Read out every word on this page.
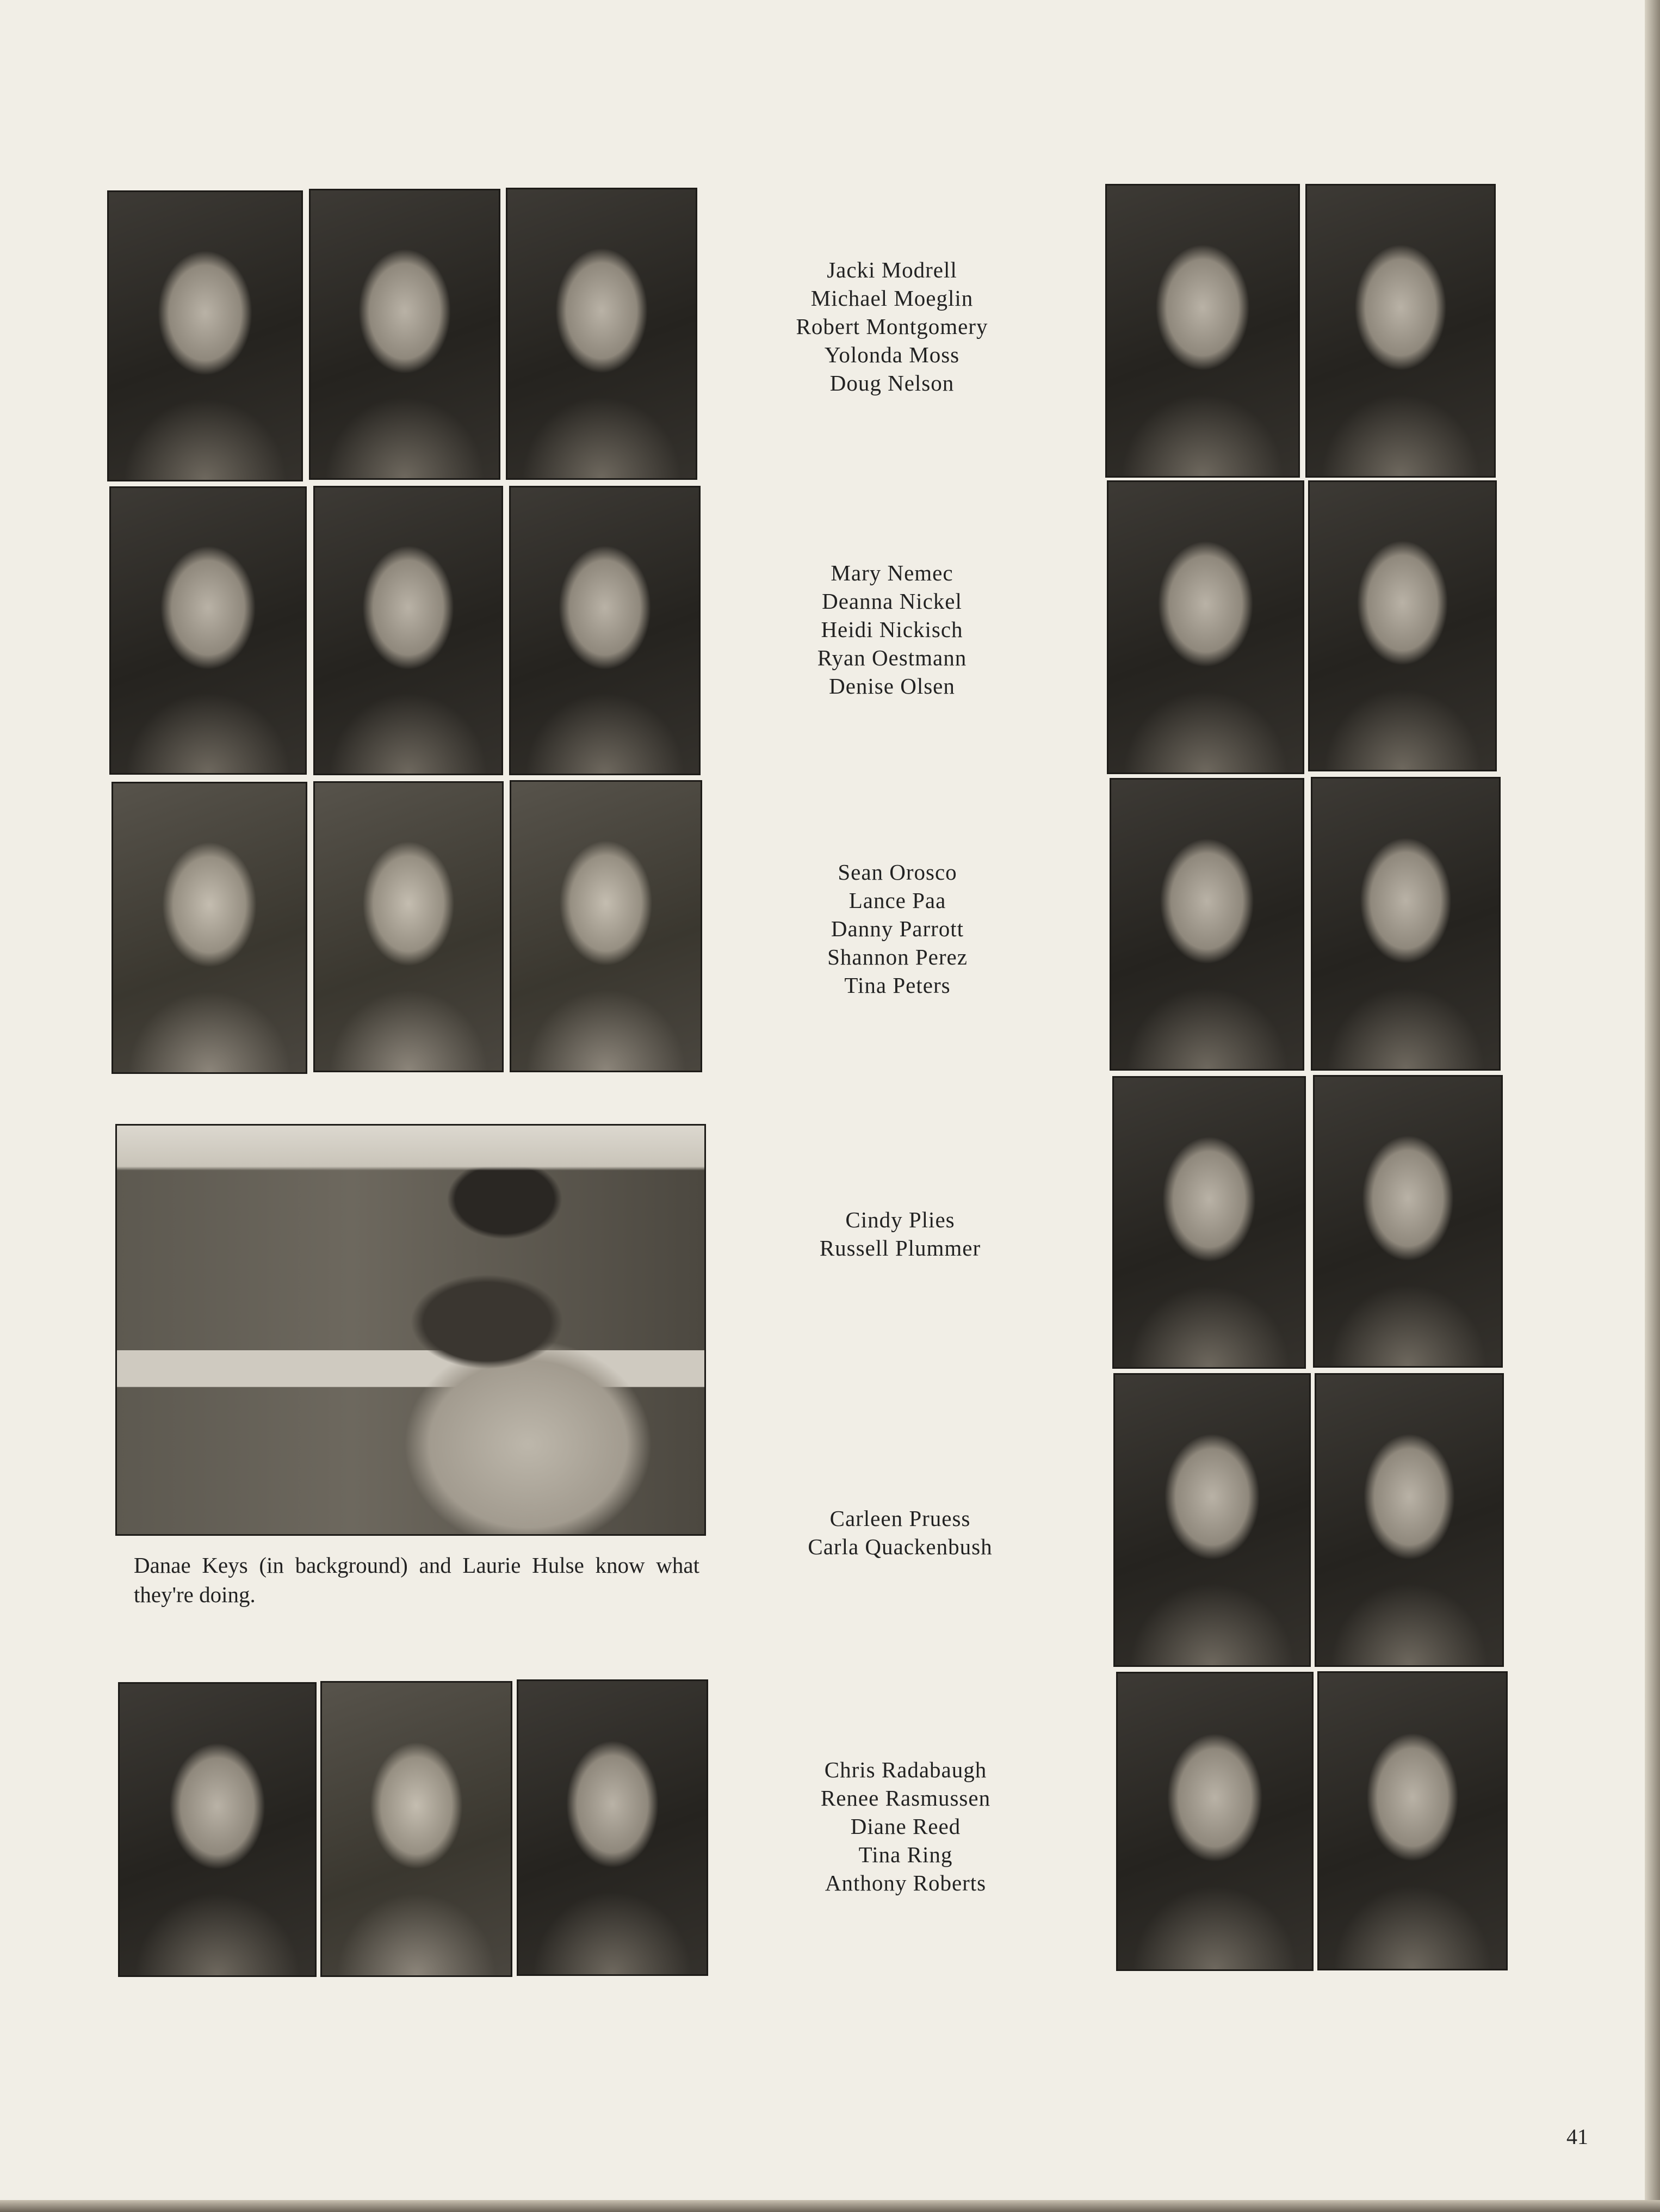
Danae Keys (in background) and Laurie Hulse know what they're doing.

Jacki Modrell
Michael Moeglin
Robert Montgomery
Yolonda Moss
Doug Nelson
Mary Nemec
Deanna Nickel
Heidi Nickisch
Ryan Oestmann
Denise Olsen
Sean Orosco
Lance Paa
Danny Parrott
Shannon Perez
Tina Peters
Cindy Plies
Russell Plummer
Carleen Pruess
Carla Quackenbush
Chris Radabaugh
Renee Rasmussen
Diane Reed
Tina Ring
Anthony Roberts

41
